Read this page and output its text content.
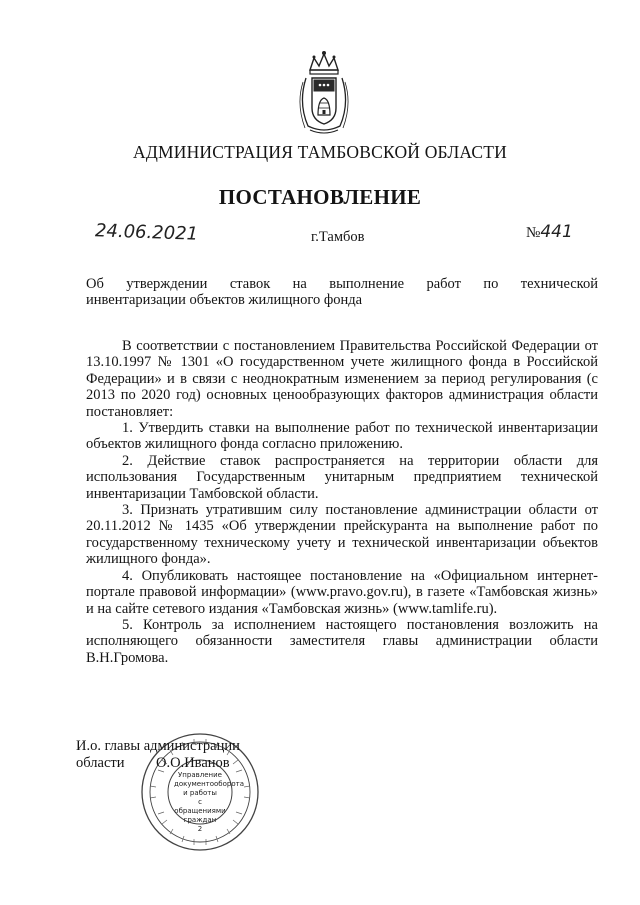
АДМИНИСТРАЦИЯ ТАМБОВСКОЙ ОБЛАСТИ
ПОСТАНОВЛЕНИЕ
24.06.2021	г.Тамбов	№441
Об утверждении ставок на выполнение работ по технической
инвентаризации объектов жилищного фонда

В соответствии с постановлением Правительства Российской Федерации от 13.10.1997 № 1301 «О государственном учете жилищного фонда в Российской Федерации» и в связи с неоднократным изменением за период регулирования (с 2013 по 2020 год) основных ценообразующих факторов администрация области постановляет:

1. Утвердить ставки на выполнение работ по технической инвентаризации объектов жилищного фонда согласно приложению.

2. Действие ставок распространяется на территории области для использования Государственным унитарным предприятием технической инвентаризации Тамбовской области.

3. Признать утратившим силу постановление администрации области от 20.11.2012 № 1435 «Об утверждении прейскуранта на выполнение работ по государственному техническому учету и технической инвентаризации объектов жилищного фонда».

4. Опубликовать настоящее постановление на «Официальном интернет-портале правовой информации» (www.pravo.gov.ru), в газете «Тамбовская жизнь» и на сайте сетевого издания «Тамбовская жизнь» (www.tamlife.ru).

5. Контроль за исполнением настоящего постановления возложить на исполняющего обязанности заместителя главы администрации области В.Н.Громова.

Управление
документооборота
и работы
с обращениями
граждан
2
И.о. главы администрации
области	О.О.Иванов
